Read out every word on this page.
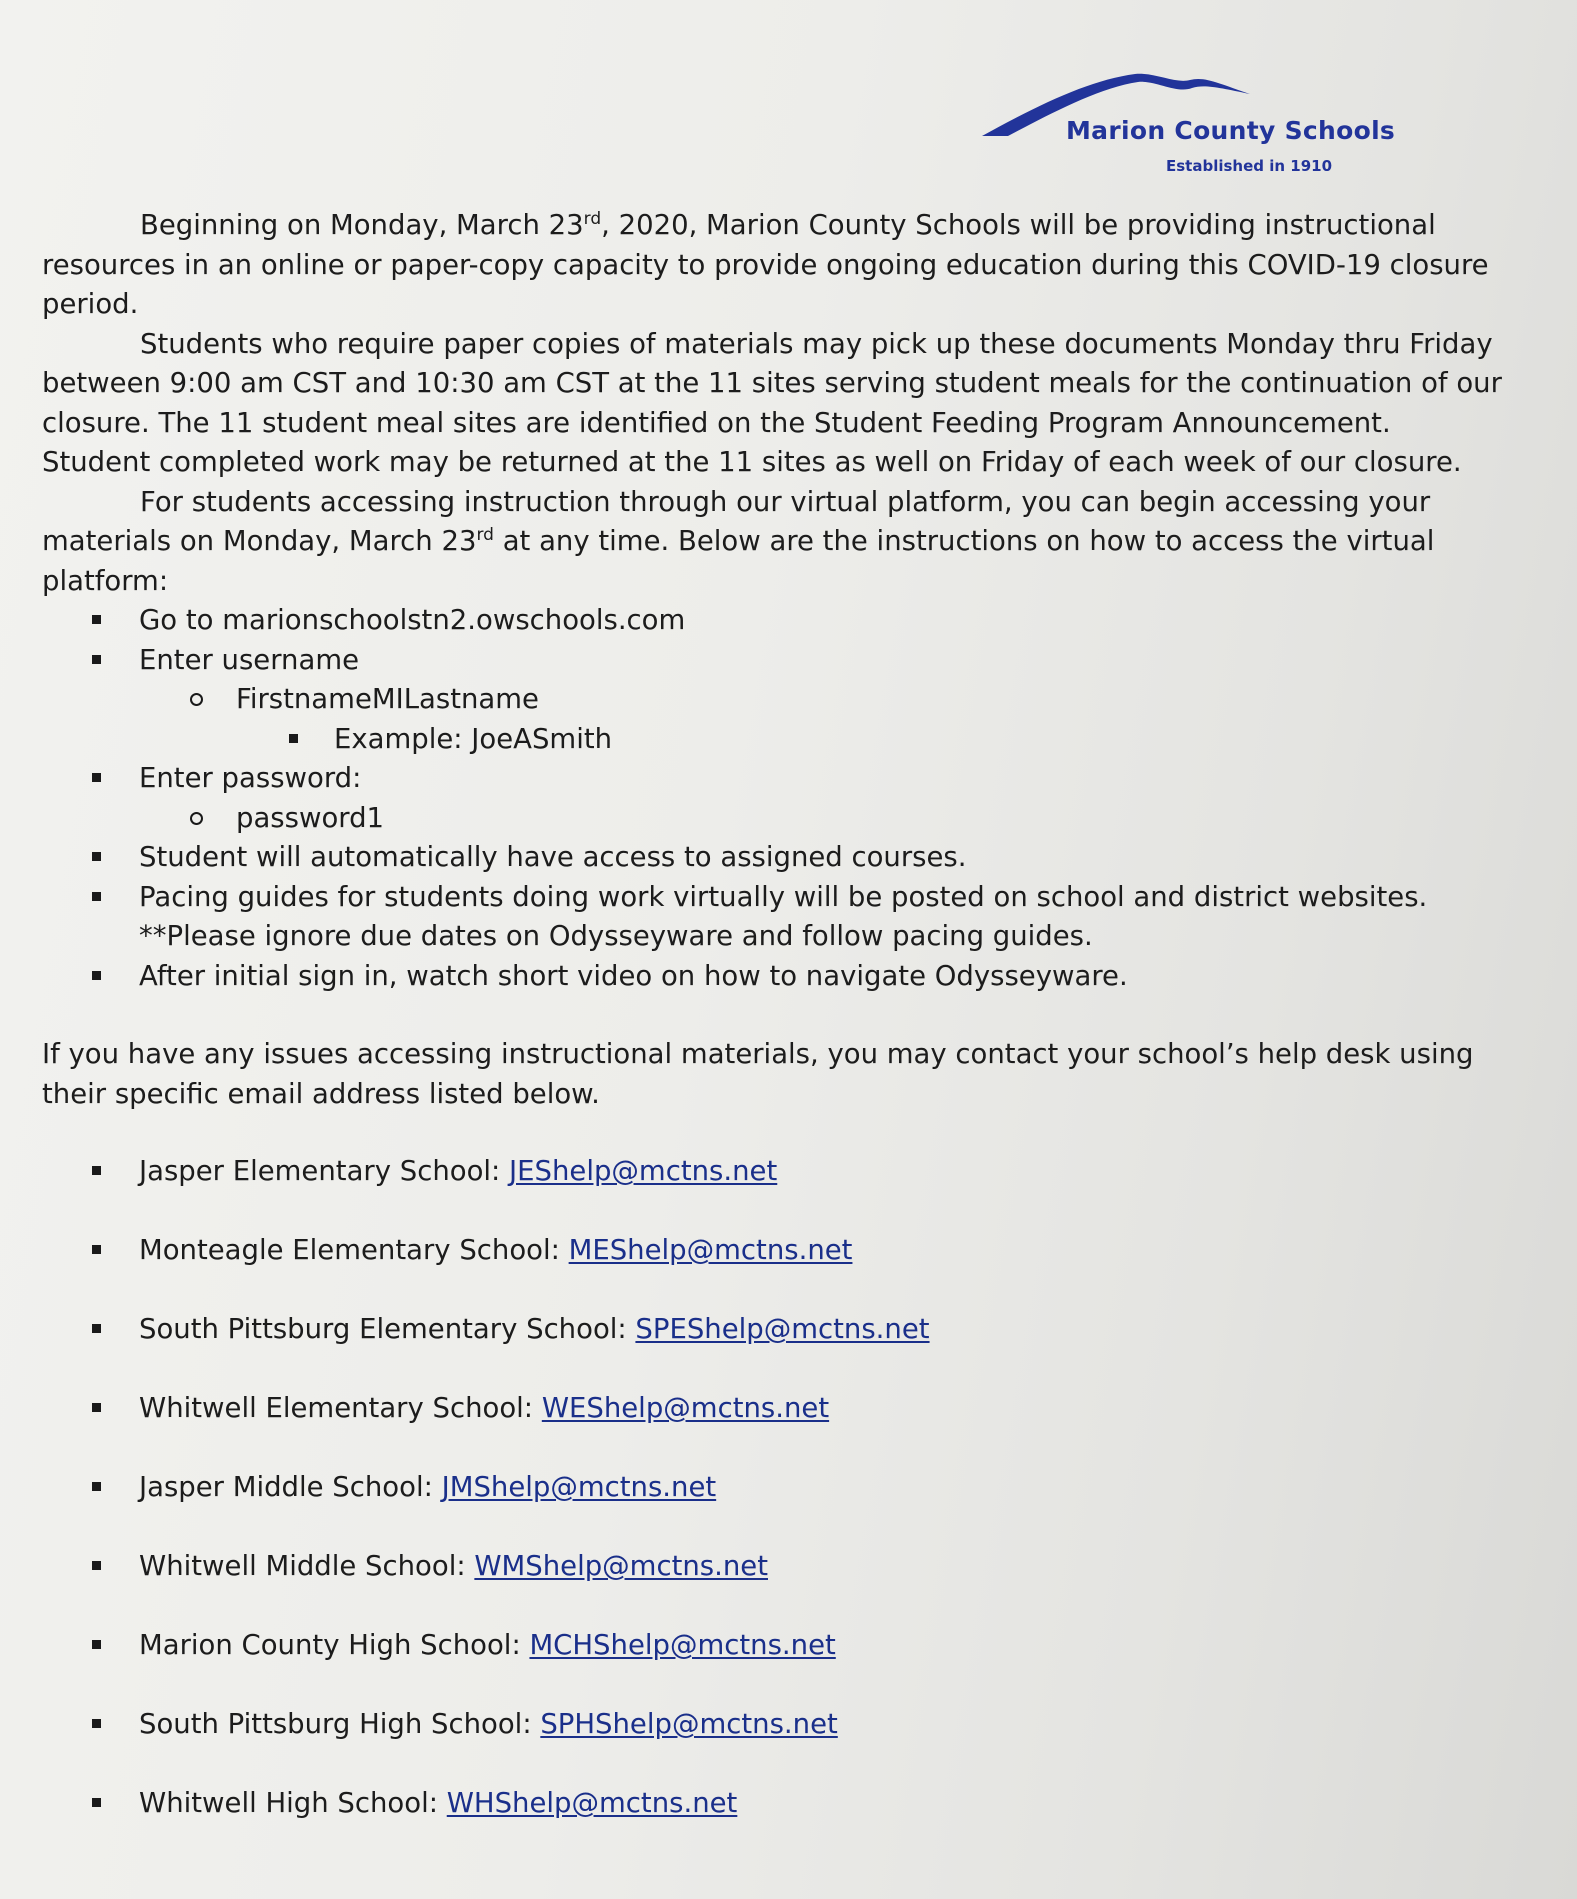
Marion County Schools
Established in 1910

Beginning on Monday, March 23rd, 2020, Marion County Schools will be providing instructional resources in an online or paper-copy capacity to provide ongoing education during this COVID-19 closure period.

Students who require paper copies of materials may pick up these documents Monday thru Friday between 9:00 am CST and 10:30 am CST at the 11 sites serving student meals for the continuation of our closure. The 11 student meal sites are identified on the Student Feeding Program Announcement. Student completed work may be returned at the 11 sites as well on Friday of each week of our closure.

For students accessing instruction through our virtual platform, you can begin accessing your materials on Monday, March 23rd at any time. Below are the instructions on how to access the virtual platform:

Go to marionschoolstn2.owschools.com
Enter username
FirstnameMILastname
Example: JoeASmith
Enter password:
password1
Student will automatically have access to assigned courses.
Pacing guides for students doing work virtually will be posted on school and district websites. **Please ignore due dates on Odysseyware and follow pacing guides.
After initial sign in, watch short video on how to navigate Odysseyware.

If you have any issues accessing instructional materials, you may contact your school’s help desk using their specific email address listed below.

Jasper Elementary School: JEShelp@mctns.net
Monteagle Elementary School: MEShelp@mctns.net
South Pittsburg Elementary School: SPEShelp@mctns.net
Whitwell Elementary School: WEShelp@mctns.net
Jasper Middle School: JMShelp@mctns.net
Whitwell Middle School: WMShelp@mctns.net
Marion County High School: MCHShelp@mctns.net
South Pittsburg High School: SPHShelp@mctns.net
Whitwell High School: WHShelp@mctns.net
